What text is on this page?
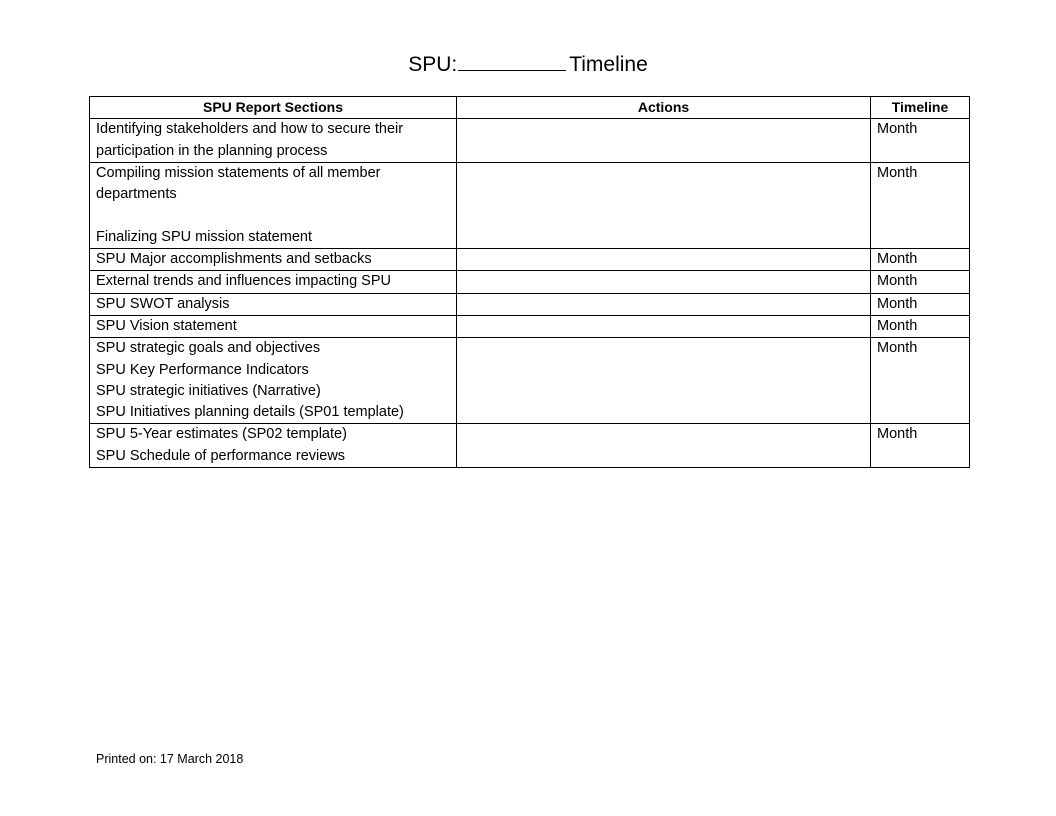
SPU:	Timeline
SPU Report Sections	Actions	Timeline

Identifying stakeholders and how to secure their participation in the planning process		Month

Compiling mission statements of all member departments
Finalizing SPU mission statement		Month

SPU Major accomplishments and setbacks		Month

External trends and influences impacting SPU		Month

SPU SWOT analysis		Month

SPU Vision statement		Month

SPU strategic goals and objectives
SPU Key Performance Indicators
SPU strategic initiatives (Narrative)
SPU Initiatives planning details (SP01 template)		Month

SPU 5-Year estimates (SP02 template)
SPU Schedule of performance reviews		Month
Printed on: 17 March 2018
